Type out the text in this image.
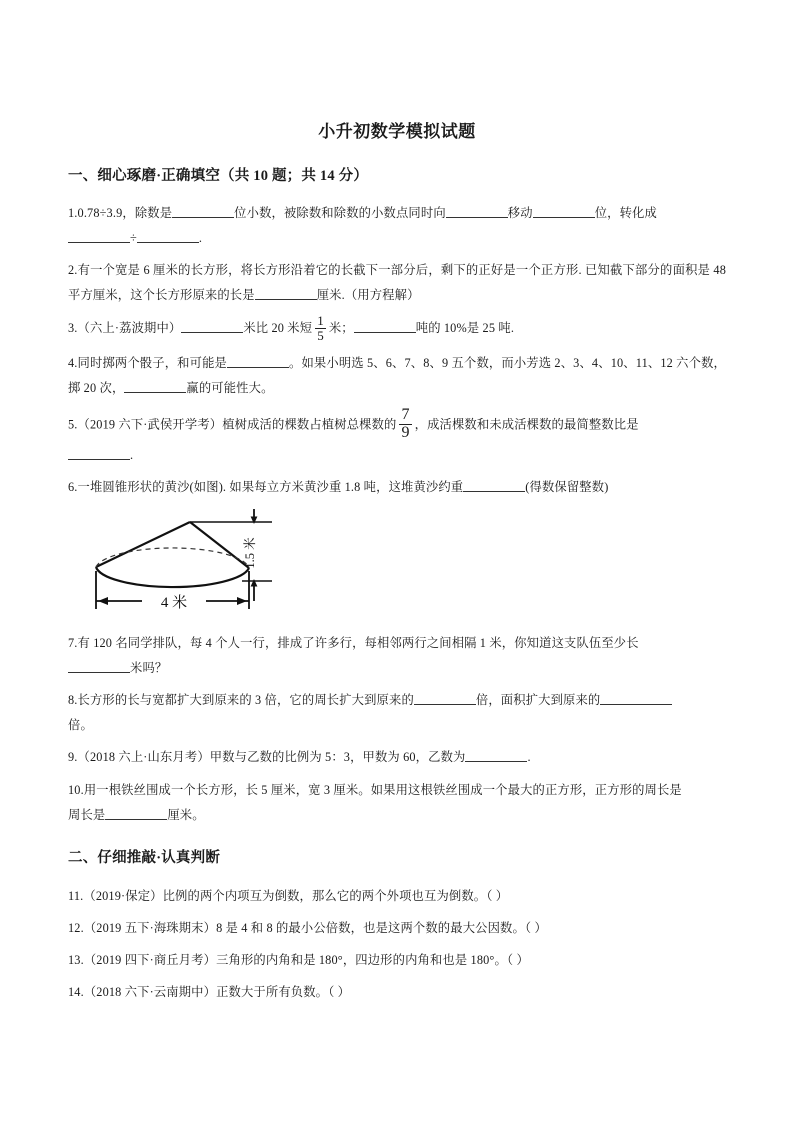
小升初数学模拟试题
一、细心琢磨·正确填空（共 10 题；共 14 分）

1.0.78÷3.9，除数是	位小数，被除数和除数的小数点同时向	移动	位，转化成
÷	.

2.有一个宽是 6 厘米的长方形，将长方形沿着它的长截下一部分后，剩下的正好是一个正方形. 已知截下部分的面积是 48 平方厘米，这个长方形原来的长是	厘米.（用方程解）

3.（六上·荔波期中）	米比 20 米短 $\frac{1}{5}$ 米；	吨的 10%是 25 吨.

4.同时掷两个骰子，和可能是	。如果小明选 5、6、7、8、9 五个数，而小芳选 2、3、4、10、11、12 六个数，掷 20 次，	赢的可能性大。

5.（2019 六下·武侯开学考）植树成活的棵数占植树总棵数的 $\frac{7}{9}$ ，成活棵数和未成活棵数的最简整数比是
.

6.一堆圆锥形状的黄沙(如图). 如果每立方米黄沙重 1.8 吨，这堆黄沙约重	(得数保留整数)

1.5 米
4 米

7.有 120 名同学排队，每 4 个人一行，排成了许多行，每相邻两行之间相隔 1 米，你知道这支队伍至少长
米吗？

8.长方形的长与宽都扩大到原来的 3 倍，它的周长扩大到原来的	倍，面积扩大到原来的
倍。

9.（2018 六上·山东月考）甲数与乙数的比例为 5：3，甲数为 60，乙数为	.

10.用一根铁丝围成一个长方形，长 5 厘米，宽 3 厘米。如果用这根铁丝围成一个最大的正方形，正方形的周长是
周长是	厘米。

二、仔细推敲·认真判断

11.（2019·保定）比例的两个内项互为倒数，那么它的两个外项也互为倒数。（ ）

12.（2019 五下·海珠期末）8 是 4 和 8 的最小公倍数，也是这两个数的最大公因数。（ ）

13.（2019 四下·商丘月考）三角形的内角和是 180°，四边形的内角和也是 180°。（ ）

14.（2018 六下·云南期中）正数大于所有负数。（ ）
